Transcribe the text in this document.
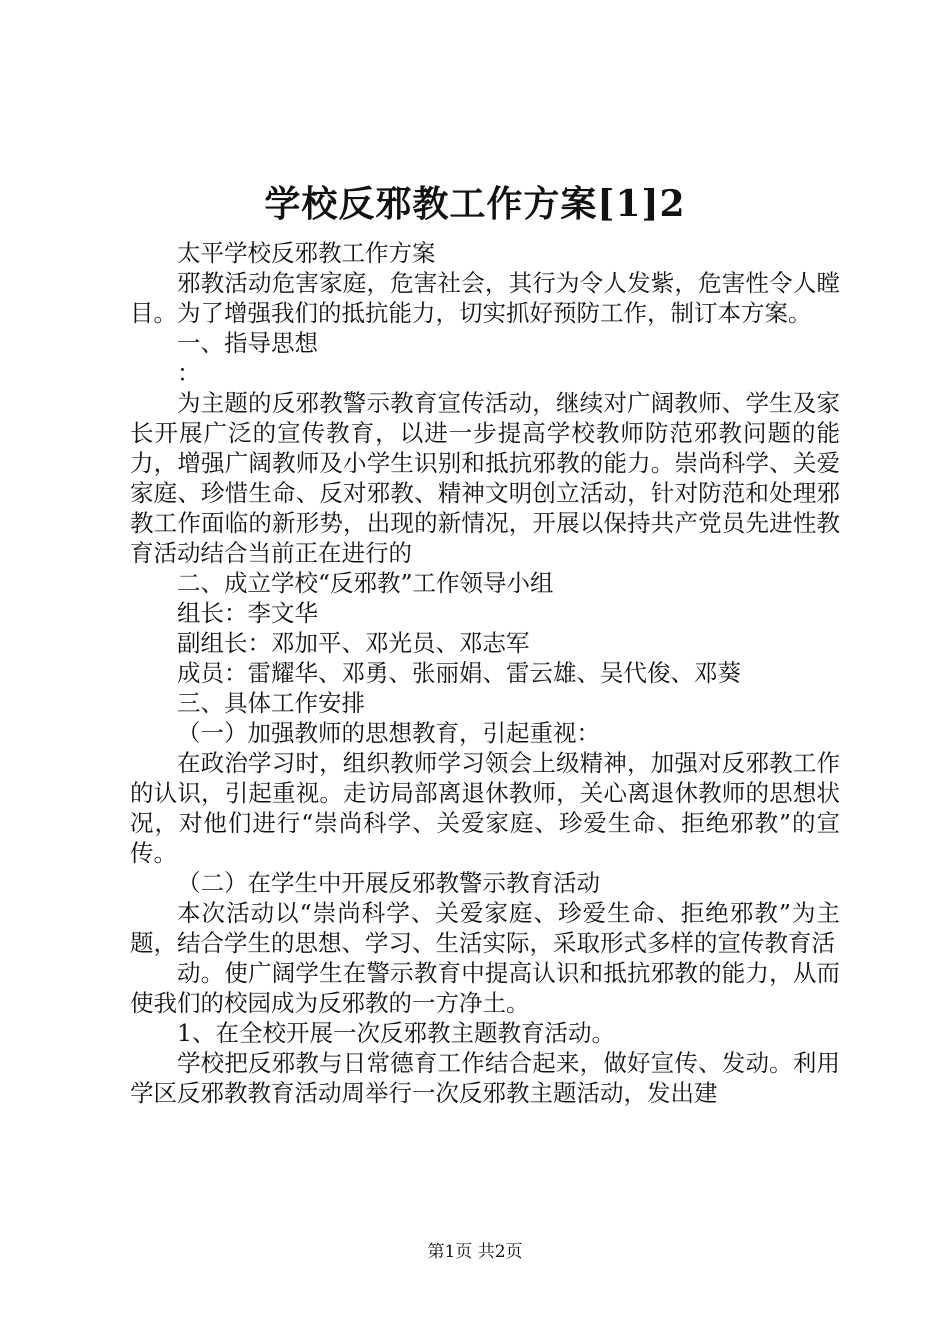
学校反邪教工作方案[1]2

太平学校反邪教工作方案

邪教活动危害家庭，危害社会，其行为令人发紫，危害性令人瞠目。为了增强我们的抵抗能力，切实抓好预防工作，制订本方案。

一、指导思想

：

为主题的反邪教警示教育宣传活动，继续对广阔教师、学生及家长开展广泛的宣传教育，以进一步提高学校教师防范邪教问题的能力，增强广阔教师及小学生识别和抵抗邪教的能力。崇尚科学、关爱家庭、珍惜生命、反对邪教、精神文明创立活动，针对防范和处理邪教工作面临的新形势，出现的新情况，开展以保持共产党员先进性教育活动结合当前正在进行的

二、成立学校“反邪教”工作领导小组

组长：李文华

副组长：邓加平、邓光员、邓志军

成员：雷耀华、邓勇、张丽娟、雷云雄、吴代俊、邓葵

三、具体工作安排

（一）加强教师的思想教育，引起重视：

在政治学习时，组织教师学习领会上级精神，加强对反邪教工作的认识，引起重视。走访局部离退休教师，关心离退休教师的思想状况，对他们进行“崇尚科学、关爱家庭、珍爱生命、拒绝邪教”的宣传。

（二）在学生中开展反邪教警示教育活动

本次活动以“崇尚科学、关爱家庭、珍爱生命、拒绝邪教”为主题，结合学生的思想、学习、生活实际，采取形式多样的宣传教育活

动。使广阔学生在警示教育中提高认识和抵抗邪教的能力，从而使我们的校园成为反邪教的一方净土。

1、在全校开展一次反邪教主题教育活动。

学校把反邪教与日常德育工作结合起来，做好宣传、发动。利用学区反邪教教育活动周举行一次反邪教主题活动，发出建

第1页 共2页
